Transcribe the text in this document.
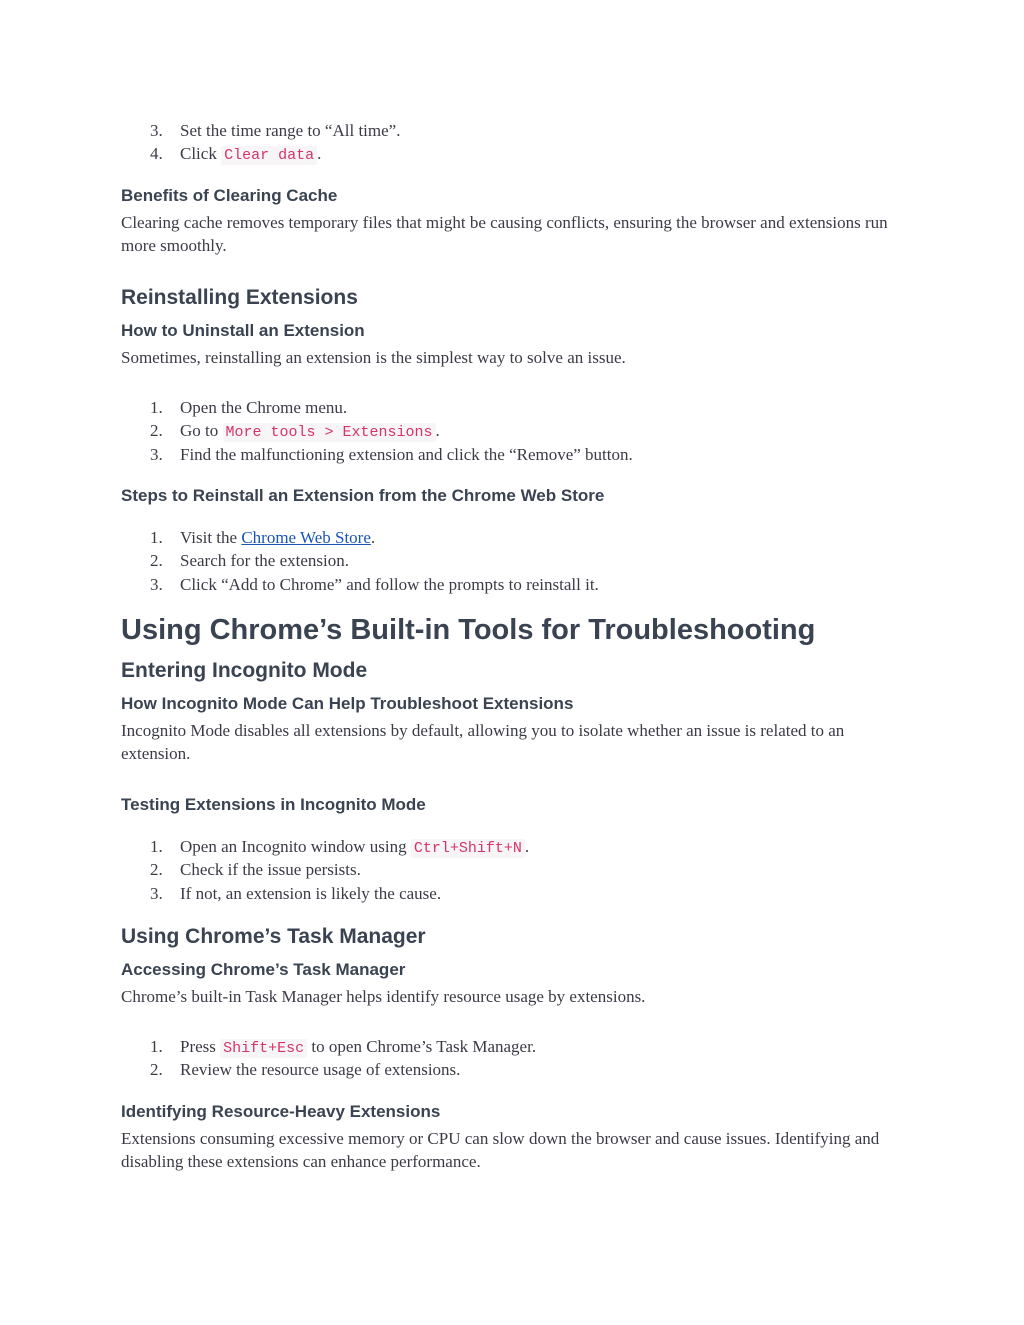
3. Set the time range to “All time”.
4. Click Clear data .
Benefits of Clearing Cache

Clearing cache removes temporary files that might be causing conflicts, ensuring the browser and extensions run more smoothly.

Reinstalling Extensions
How to Uninstall an Extension

Sometimes, reinstalling an extension is the simplest way to solve an issue.

1. Open the Chrome menu.
2. Go to More tools > Extensions .
3. Find the malfunctioning extension and click the “Remove” button.
Steps to Reinstall an Extension from the Chrome Web Store
1. Visit the Chrome Web Store.
2. Search for the extension.
3. Click “Add to Chrome” and follow the prompts to reinstall it.
Using Chrome’s Built-in Tools for Troubleshooting
Entering Incognito Mode
How Incognito Mode Can Help Troubleshoot Extensions

Incognito Mode disables all extensions by default, allowing you to isolate whether an issue is related to an extension.

Testing Extensions in Incognito Mode
1. Open an Incognito window using Ctrl+Shift+N .
2. Check if the issue persists.
3. If not, an extension is likely the cause.
Using Chrome’s Task Manager
Accessing Chrome’s Task Manager

Chrome’s built-in Task Manager helps identify resource usage by extensions.

1. Press Shift+Esc to open Chrome’s Task Manager.
2. Review the resource usage of extensions.
Identifying Resource-Heavy Extensions

Extensions consuming excessive memory or CPU can slow down the browser and cause issues. Identifying and disabling these extensions can enhance performance.
